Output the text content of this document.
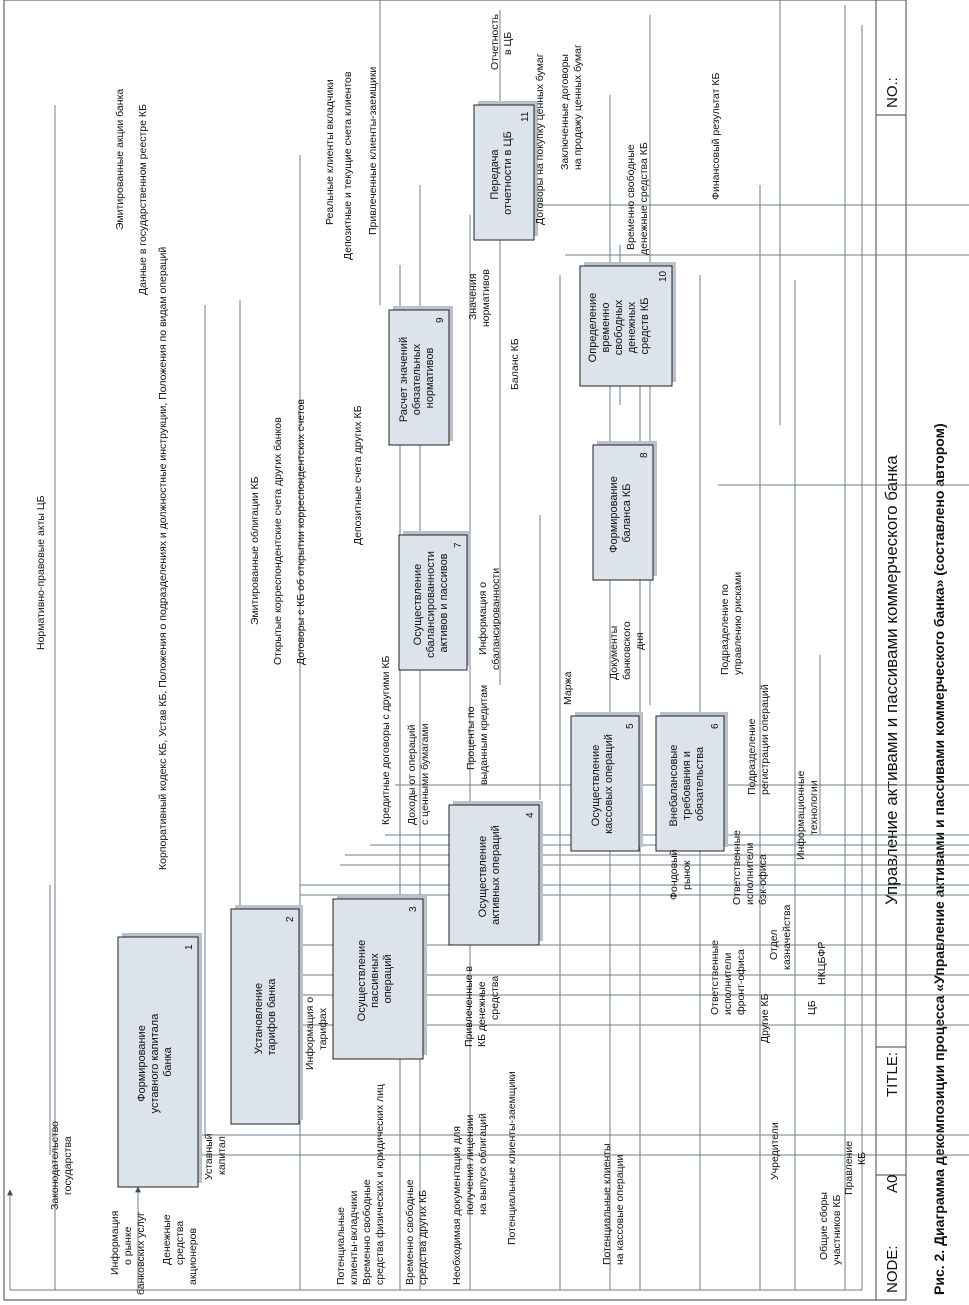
NODE:
A0
TITLE:
Управление активами и пассивами коммерческого банка
NO.:
Рис. 2. Диаграмма декомпозиции процесса «Управление активами и пассивами коммерческого банка» (составлено автором)
Формирование уставного капитала банка
1
Установление тарифов банка
2
Осуществление пассивных операций
3	Осуществление активных операций
4	Осуществление кассовых операций
5
Внебалансовые требования и обязательства
6
Осуществление сбалансированности активов и пассивов
7	Формирование баланса КБ
8
Расчет значений обязательных нормативов
9	Определение временно свободных денежных средств КБ
10
Передача отчетности в ЦБ
11
Законодательство государства
Информация о рынке банковских услуг Денежные средства акционеров	Потенциальные клиенты-вкладчики Временно свободные средства физических и юридических лиц Временно свободные средства других КБ Необходимая документация для получения лицензии на выпуск облигаций Потенциальные клиенты-заемщики	Потенциальные клиенты на кассовые операции
Учредители
Общие сборы участников КБ
Правление КБ
Другие КБ	ЦБ
НКЦБФР
Ответственные исполнители фронт-офиса
Отдел казначейства
Ответственные исполнители бэк-офиса
Фондовый рынок
Информационные технологии
Подразделение регистрации операций
Подразделение по управлению рисками
Эмитированные акции банка Данные в государственном реестре КБ	Реальные клиенты вкладчики Депозитные и текущие счета клиентов Привлеченные клиенты-заемщики
Отчетность в ЦБ
Заключенные договоры на продажу ценных бумаг
Договоры на покупку ценных бумаг	Финансовый результат КБ
Временно свободные денежные средства КБ
Нормативно-правовые акты ЦБ	Корпоративный кодекс КБ, Устав КБ, Положения о подразделениях и должностные инструкции, Положения по видам операций
Уставный капитал
Информация о тарифах
Эмитированные облигации КБ Открытые корреспондентские счета других банков Договоры с КБ об открытии корреспондентских счетов	Депозитные счета других КБ
Кредитные договоры с другими КБ
Привлеченные в КБ денежные средства
Доходы от операций с ценными бумагами	Проценты по выданным кредитам	Маржа
Информация о сбалансированности	Документы банковского дня
Значения нормативов
Баланс КБ
